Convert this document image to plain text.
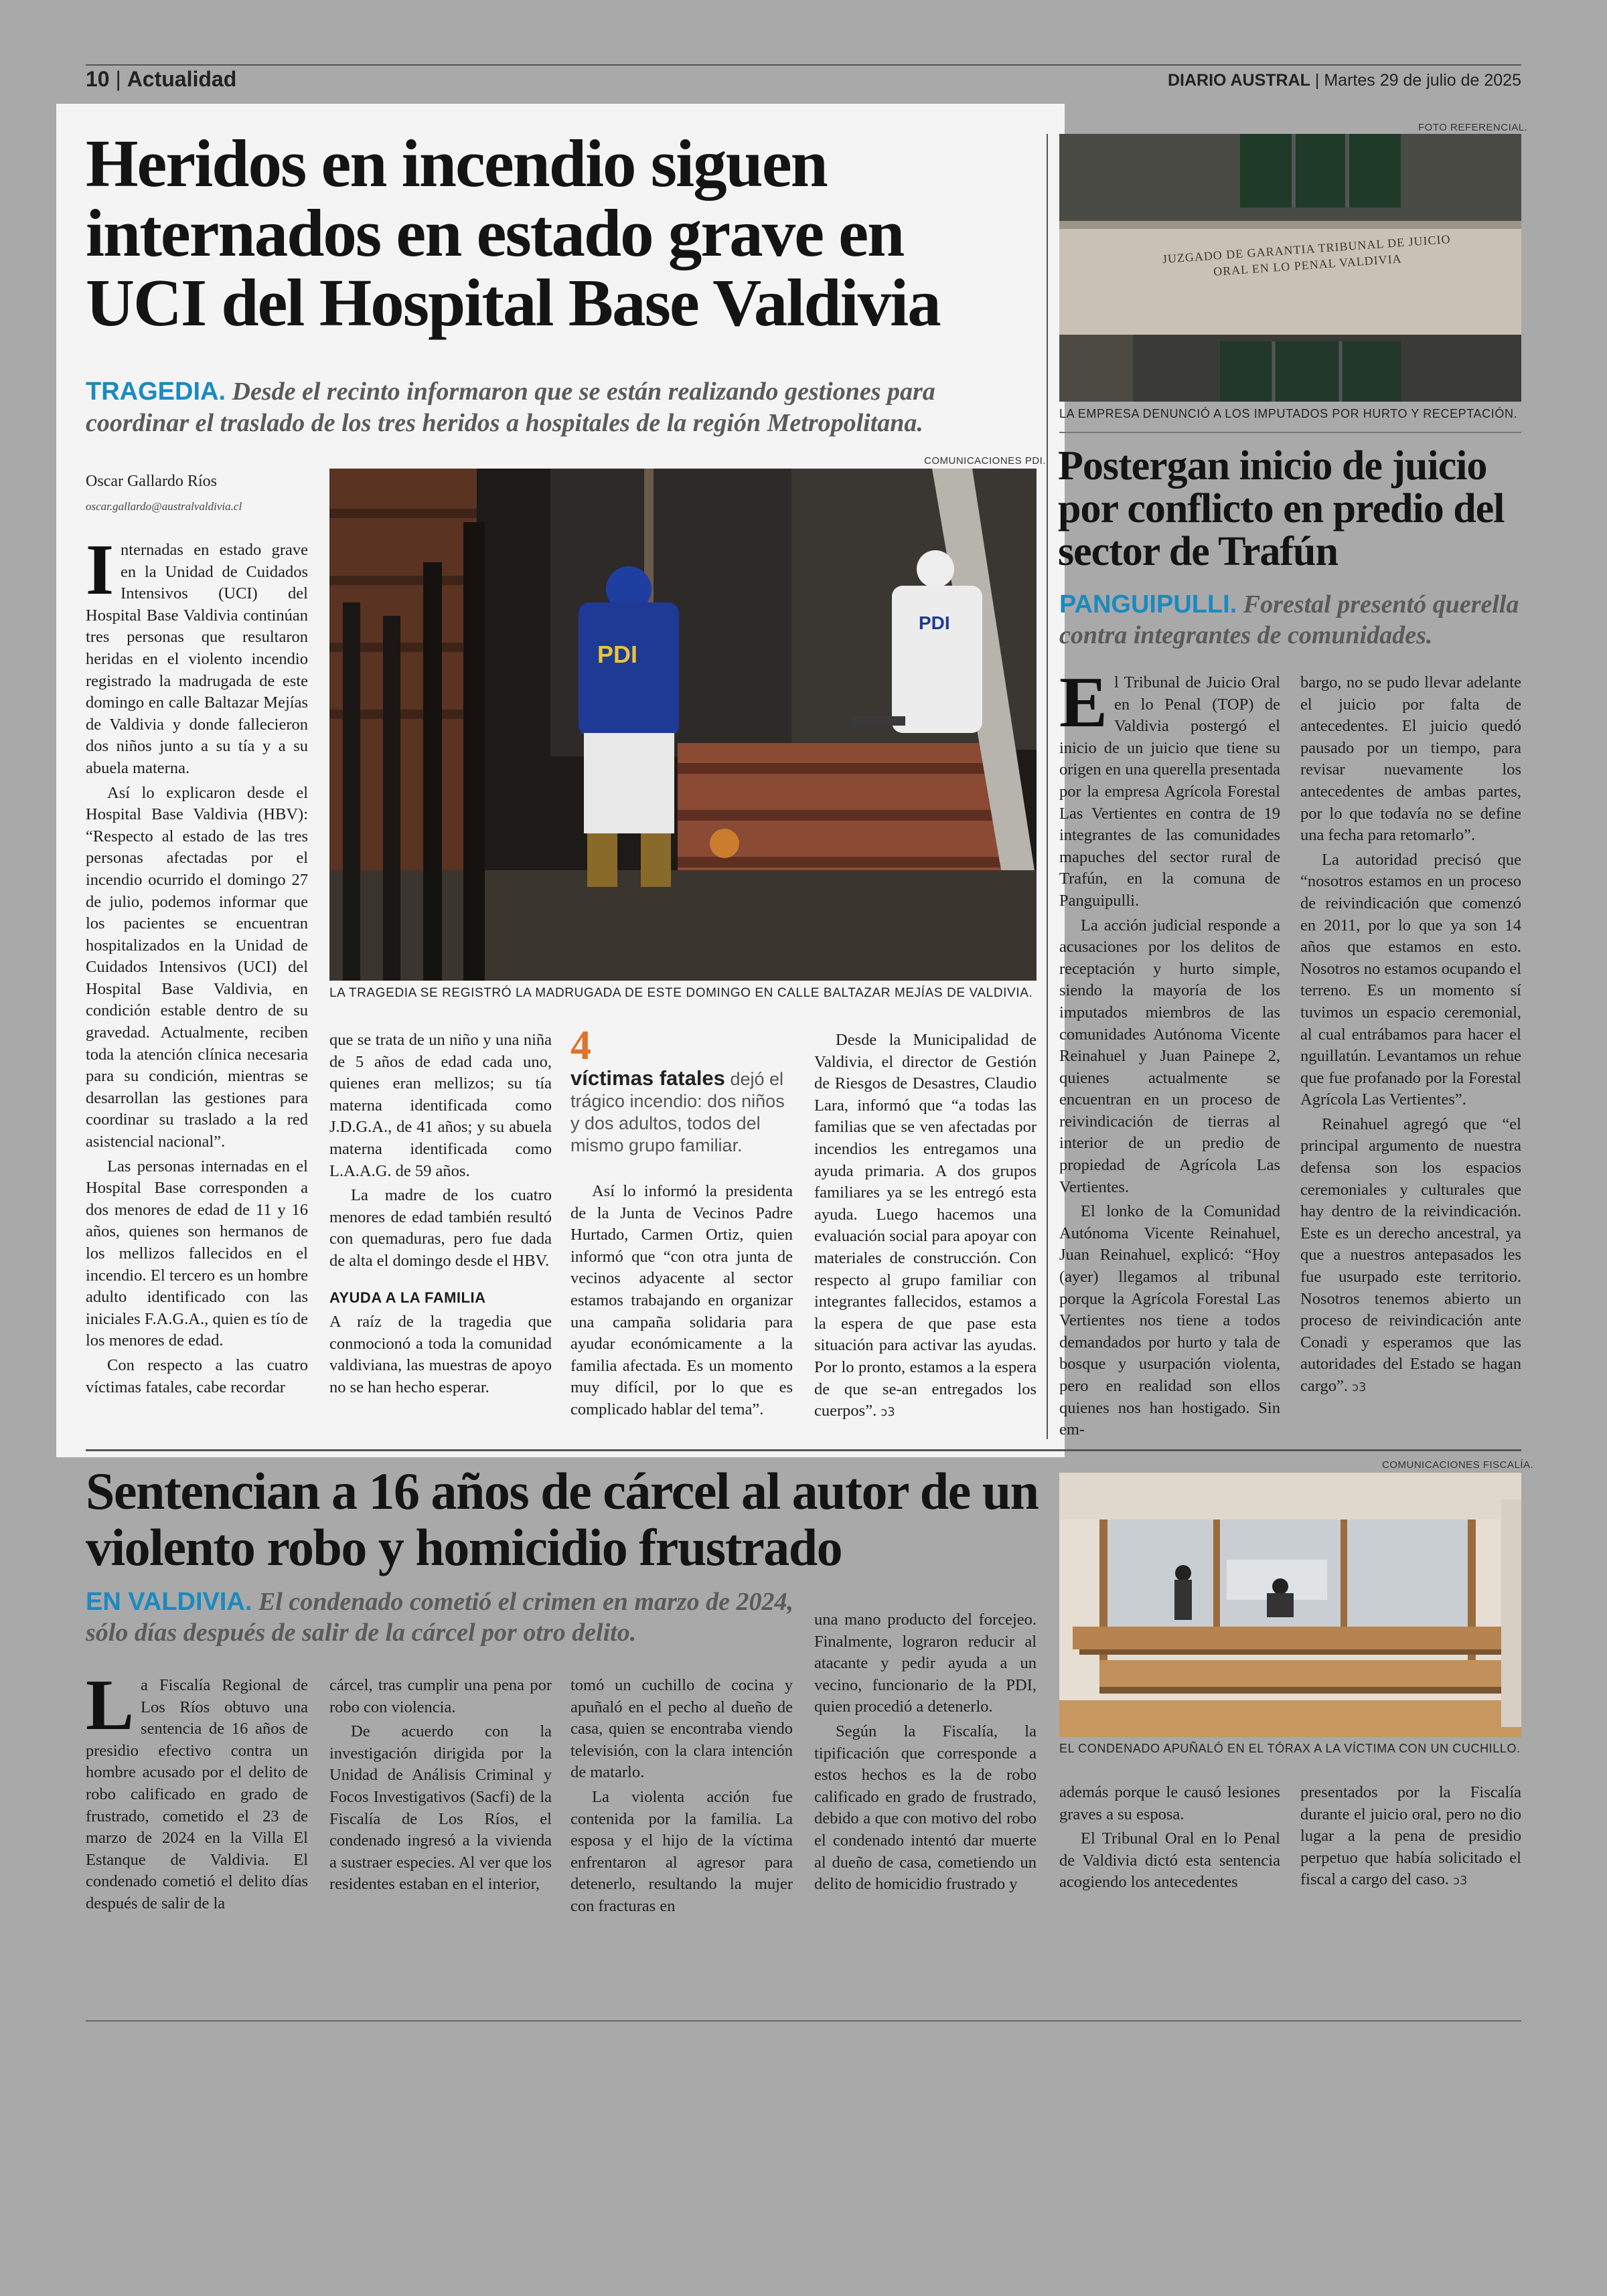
10 | Actualidad	DIARIO AUSTRAL | Martes 29 de julio de 2025
Heridos en incendio siguen internados en estado grave en UCI del Hospital Base Valdivia
TRAGEDIA. Desde el recinto informaron que se están realizando gestiones para coordinar el traslado de los tres heridos a hospitales de la región Metropolitana.
Oscar Gallardo Ríos
oscar.gallardo@australvaldivia.cl
COMUNICACIONES PDI.
PDI
PDI
LA TRAGEDIA SE REGISTRÓ LA MADRUGADA DE ESTE DOMINGO EN CALLE BALTAZAR MEJÍAS DE VALDIVIA.

I nternadas en estado grave en la Unidad de Cuidados Intensivos (UCI) del Hospital Base Valdivia continúan tres personas que resultaron heridas en el violento incendio registrado la madrugada de este domingo en calle Baltazar Mejías de Valdivia y donde fallecieron dos niños junto a su tía y a su abuela materna.

Así lo explicaron desde el Hospital Base Valdivia (HBV): “Respecto al estado de las tres personas afectadas por el incendio ocurrido el domingo 27 de julio, podemos informar que los pacientes se encuentran hospitalizados en la Unidad de Cuidados Intensivos (UCI) del Hospital Base Valdivia, en condición estable dentro de su gravedad. Actualmente, reciben toda la atención clínica necesaria para su condición, mientras se desarrollan las gestiones para coordinar su traslado a la red asistencial nacional”.

Las personas internadas en el Hospital Base corresponden a dos menores de edad de 11 y 16 años, quienes son hermanos de los mellizos fallecidos en el incendio. El tercero es un hombre adulto identificado con las iniciales F.A.G.A., quien es tío de los menores de edad.

Con respecto a las cuatro víctimas fatales, cabe recordar

que se trata de un niño y una niña de 5 años de edad cada uno, quienes eran mellizos; su tía materna identificada como J.D.G.A., de 41 años; y su abuela materna identificada como L.A.A.G. de 59 años.

La madre de los cuatro menores de edad también resultó con quemaduras, pero fue dada de alta el domingo desde el HBV.

AYUDA A LA FAMILIA

A raíz de la tragedia que conmocionó a toda la comunidad valdiviana, las muestras de apoyo no se han hecho esperar.

4
víctimas fatales dejó el trágico incendio: dos niños y dos adultos, todos del mismo grupo familiar.

Así lo informó la presidenta de la Junta de Vecinos Padre Hurtado, Carmen Ortiz, quien informó que “con otra junta de vecinos adyacente al sector estamos trabajando en organizar una campaña solidaria para ayudar económicamente a la familia afectada. Es un momento muy difícil, por lo que es complicado hablar del tema”.

Desde la Municipalidad de Valdivia, el director de Gestión de Riesgos de Desastres, Claudio Lara, informó que “a todas las familias que se ven afectadas por incendios les entregamos una ayuda primaria. A dos grupos familiares ya se les entregó esta ayuda. Luego hacemos una evaluación social para apoyar con materiales de construcción. Con respecto al grupo familiar con integrantes fallecidos, estamos a la espera de que pase esta situación para activar las ayudas. Por lo pronto, estamos a la espera de que se-an entregados los cuerpos”. ↄ3

FOTO REFERENCIAL.
JUZGADO DE GARANTIA TRIBUNAL DE JUICIO ORAL EN LO PENAL VALDIVIA
LA EMPRESA DENUNCIÓ A LOS IMPUTADOS POR HURTO Y RECEPTACIÓN.
Postergan inicio de juicio por conflicto en predio del sector de Trafún
PANGUIPULLI. Forestal presentó querella contra integrantes de comunidades.

E l Tribunal de Juicio Oral en lo Penal (TOP) de Valdivia postergó el inicio de un juicio que tiene su origen en una querella presentada por la empresa Agrícola Forestal Las Vertientes en contra de 19 integrantes de las comunidades mapuches del sector rural de Trafún, en la comuna de Panguipulli.

La acción judicial responde a acusaciones por los delitos de receptación y hurto simple, siendo la mayoría de los imputados miembros de las comunidades Autónoma Vicente Reinahuel y Juan Painepe 2, quienes actualmente se encuentran en un proceso de reivindicación de tierras al interior de un predio de propiedad de Agrícola Las Vertientes.

El lonko de la Comunidad Autónoma Vicente Reinahuel, Juan Reinahuel, explicó: “Hoy (ayer) llegamos al tribunal porque la Agrícola Forestal Las Vertientes nos tiene a todos demandados por hurto y tala de bosque y usurpación violenta, pero en realidad son ellos quienes nos han hostigado. Sin em-

bargo, no se pudo llevar adelante el juicio por falta de antecedentes. El juicio quedó pausado por un tiempo, para revisar nuevamente los antecedentes de ambas partes, por lo que todavía no se define una fecha para retomarlo”.

La autoridad precisó que “nosotros estamos en un proceso de reivindicación que comenzó en 2011, por lo que ya son 14 años que estamos en esto. Nosotros no estamos ocupando el terreno. Es un momento sí tuvimos un espacio ceremonial, al cual entrábamos para hacer el nguillatún. Levantamos un rehue que fue profanado por la Forestal Agrícola Las Vertientes”.

Reinahuel agregó que “el principal argumento de nuestra defensa son los espacios ceremoniales y culturales que hay dentro de la reivindicación. Este es un derecho ancestral, ya que a nuestros antepasados les fue usurpado este territorio. Nosotros tenemos abierto un proceso de reivindicación ante Conadi y esperamos que las autoridades del Estado se hagan cargo”. ↄ3

Sentencian a 16 años de cárcel al autor de un violento robo y homicidio frustrado
EN VALDIVIA. El condenado cometió el crimen en marzo de 2024, sólo días después de salir de la cárcel por otro delito.
COMUNICACIONES FISCALÍA.
EL CONDENADO APUÑALÓ EN EL TÓRAX A LA VÍCTIMA CON UN CUCHILLO.

L a Fiscalía Regional de Los Ríos obtuvo una sentencia de 16 años de presidio efectivo contra un hombre acusado por el delito de robo calificado en grado de frustrado, cometido el 23 de marzo de 2024 en la Villa El Estanque de Valdivia. El condenado cometió el delito días después de salir de la

cárcel, tras cumplir una pena por robo con violencia.

De acuerdo con la investigación dirigida por la Unidad de Análisis Criminal y Focos Investigativos (Sacfi) de la Fiscalía de Los Ríos, el condenado ingresó a la vivienda a sustraer especies. Al ver que los residentes estaban en el interior,

tomó un cuchillo de cocina y apuñaló en el pecho al dueño de casa, quien se encontraba viendo televisión, con la clara intención de matarlo.

La violenta acción fue contenida por la familia. La esposa y el hijo de la víctima enfrentaron al agresor para detenerlo, resultando la mujer con fracturas en

una mano producto del forcejeo. Finalmente, lograron reducir al atacante y pedir ayuda a un vecino, funcionario de la PDI, quien procedió a detenerlo.

Según la Fiscalía, la tipificación que corresponde a estos hechos es la de robo calificado en grado de frustrado, debido a que con motivo del robo el condenado intentó dar muerte al dueño de casa, cometiendo un delito de homicidio frustrado y

además porque le causó lesiones graves a su esposa.

El Tribunal Oral en lo Penal de Valdivia dictó esta sentencia acogiendo los antecedentes

presentados por la Fiscalía durante el juicio oral, pero no dio lugar a la pena de presidio perpetuo que había solicitado el fiscal a cargo del caso. ↄ3
